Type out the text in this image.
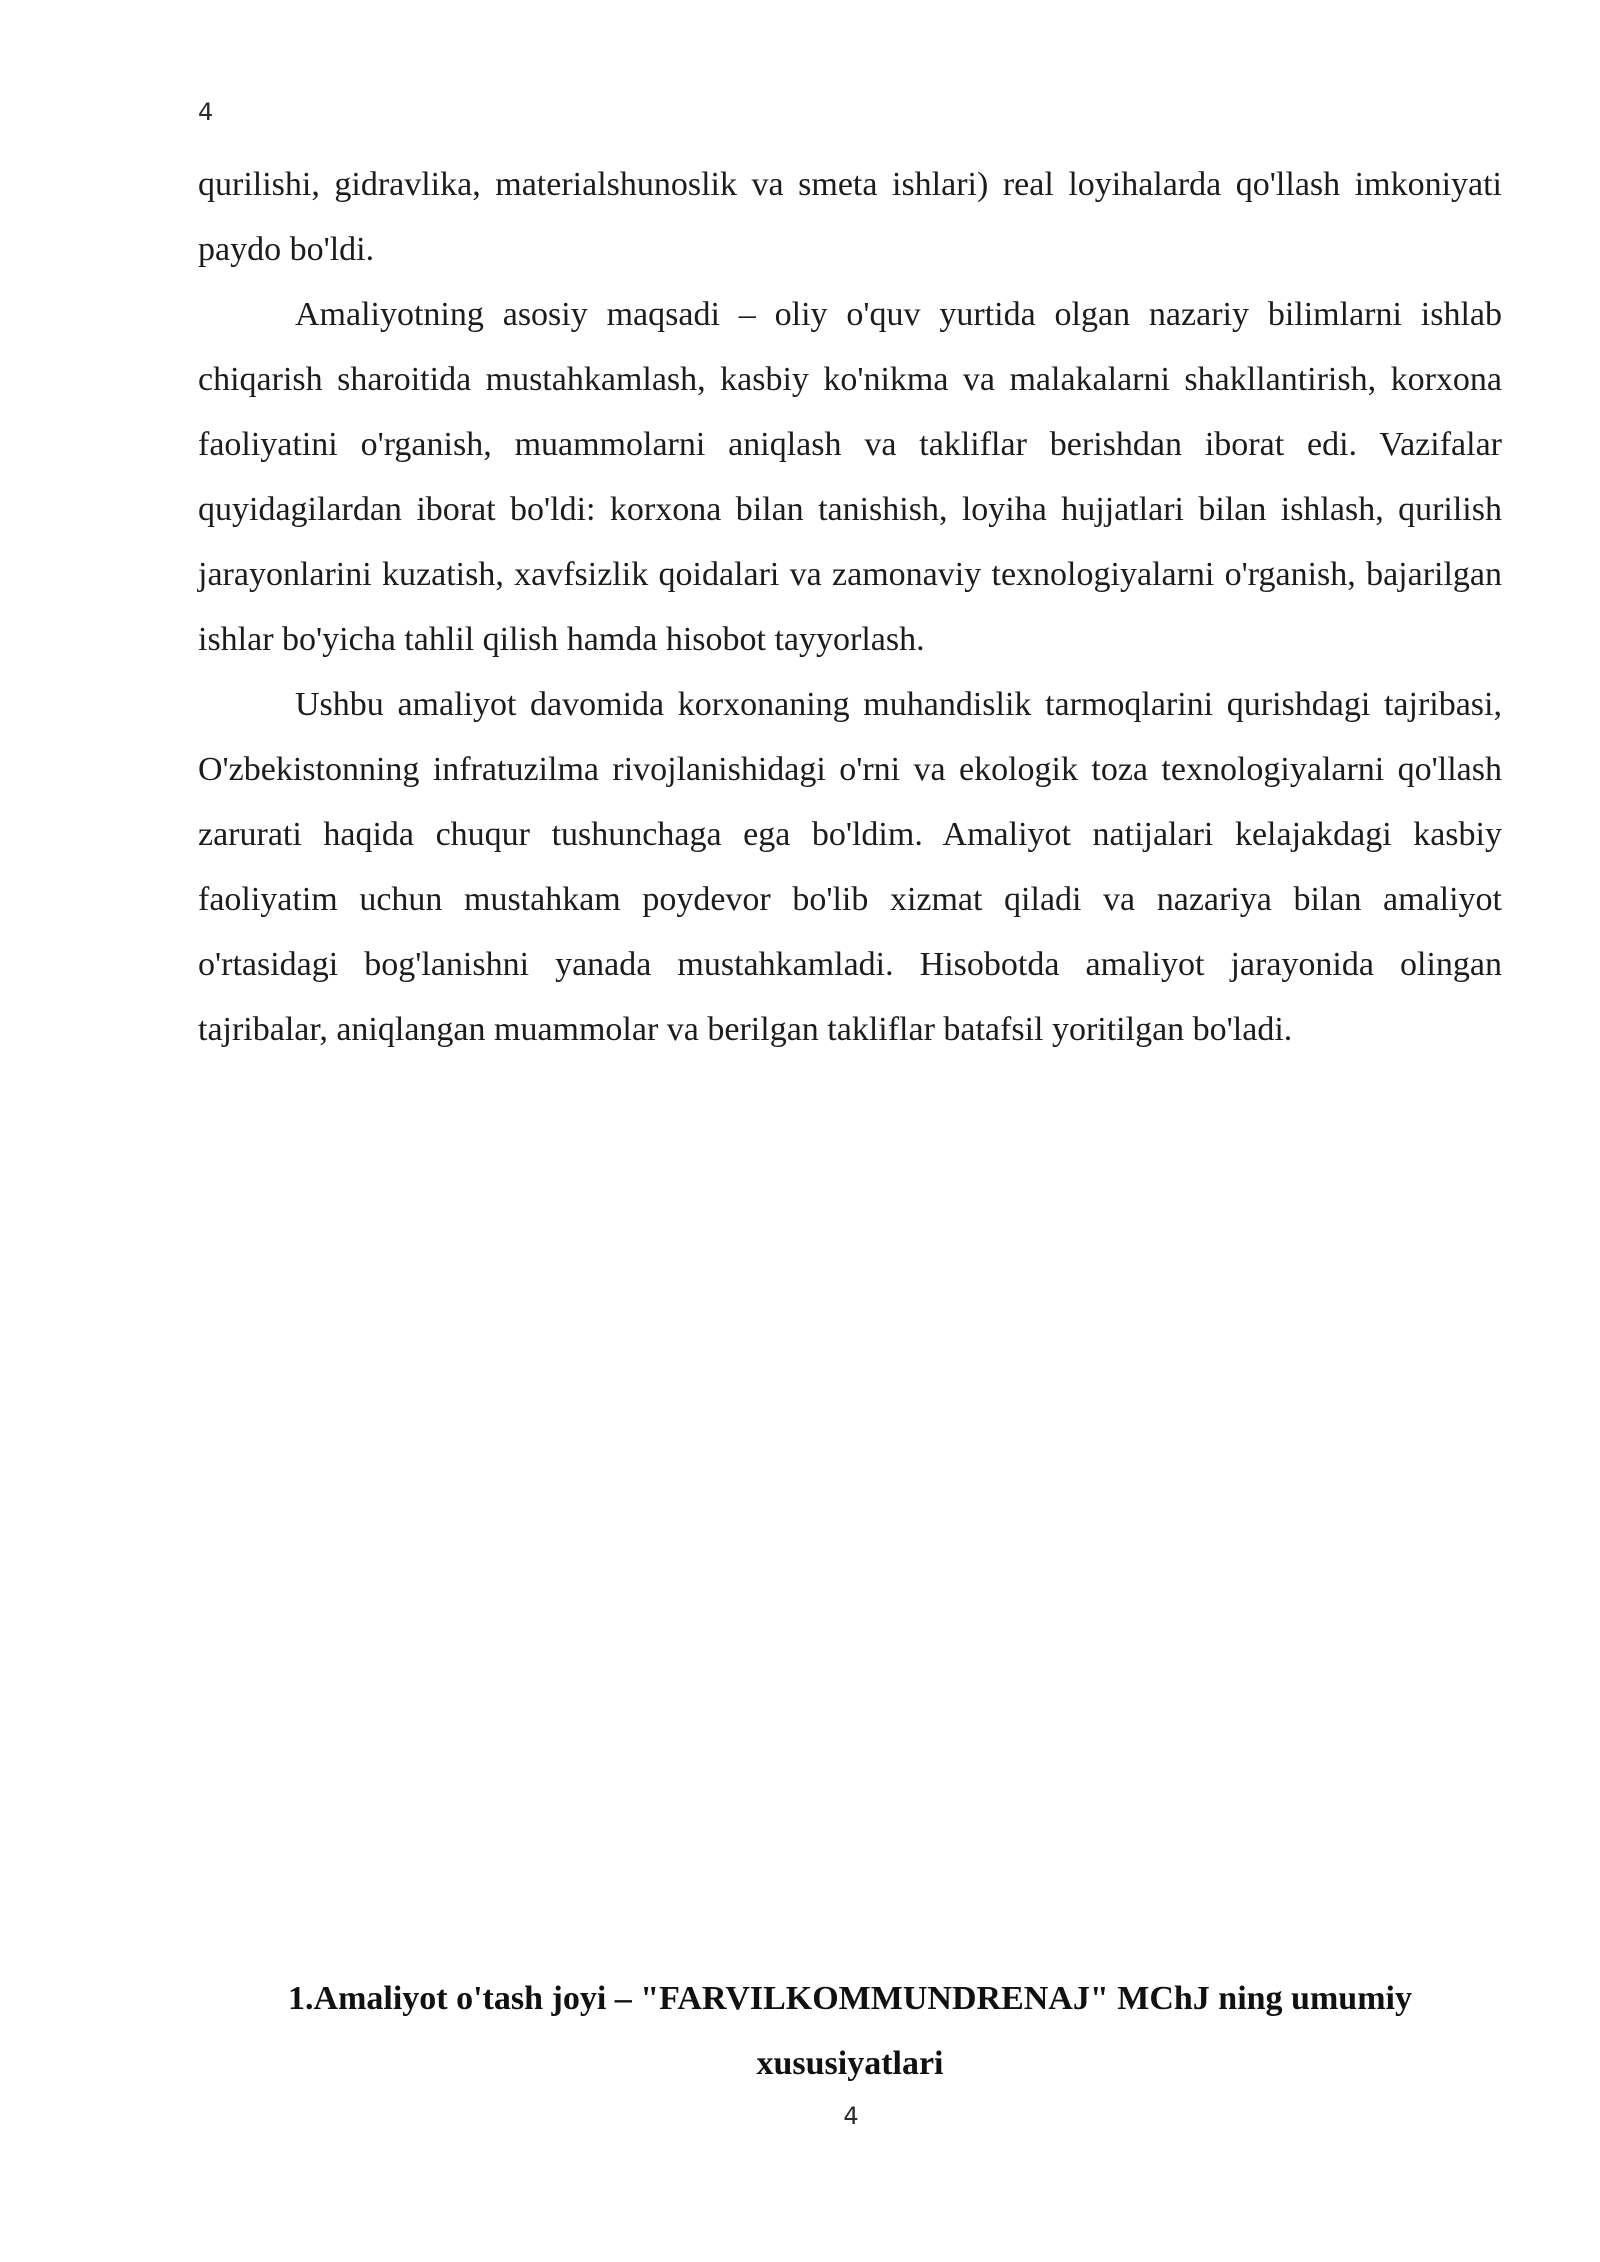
4

qurilishi, gidravlika, materialshunoslik va smeta ishlari) real loyihalarda qo'llash imkoniyati paydo bo'ldi.

Amaliyotning asosiy maqsadi – oliy o'quv yurtida olgan nazariy bilimlarni ishlab chiqarish sharoitida mustahkamlash, kasbiy ko'nikma va malakalarni shakllantirish, korxona faoliyatini o'rganish, muammolarni aniqlash va takliflar berishdan iborat edi. Vazifalar quyidagilardan iborat bo'ldi: korxona bilan tanishish, loyiha hujjatlari bilan ishlash, qurilish jarayonlarini kuzatish, xavfsizlik qoidalari va zamonaviy texnologiyalarni o'rganish, bajarilgan ishlar bo'yicha tahlil qilish hamda hisobot tayyorlash.

Ushbu amaliyot davomida korxonaning muhandislik tarmoqlarini qurishdagi tajribasi, O'zbekistonning infratuzilma rivojlanishidagi o'rni va ekologik toza texnologiyalarni qo'llash zarurati haqida chuqur tushunchaga ega bo'ldim. Amaliyot natijalari kelajakdagi kasbiy faoliyatim uchun mustahkam poydevor bo'lib xizmat qiladi va nazariya bilan amaliyot o'rtasidagi bog'lanishni yanada mustahkamladi. Hisobotda amaliyot jarayonida olingan tajribalar, aniqlangan muammolar va berilgan takliflar batafsil yoritilgan bo'ladi.

1.Amaliyot o'tash joyi – "FARVILKOMMUNDRENAJ" MChJ ning umumiy
xususiyatlari
4
